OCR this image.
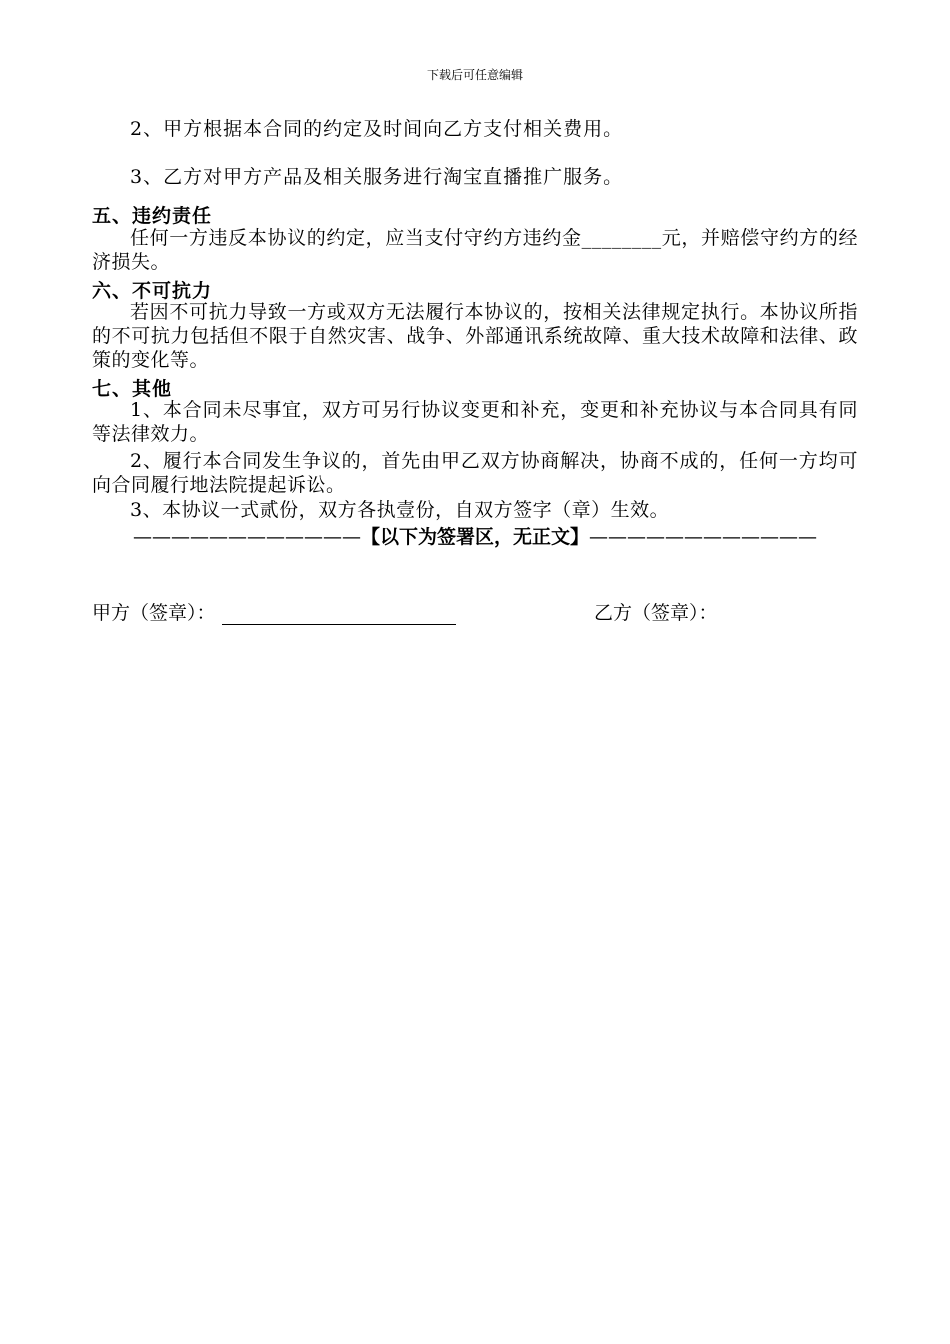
下载后可任意编辑
2、甲方根据本合同的约定及时间向乙方支付相关费用。
3、乙方对甲方产品及相关服务进行淘宝直播推广服务。
五、违约责任
任何一方违反本协议的约定，应当支付守约方违约金________元，并赔偿守约方的经济损失。
六、不可抗力
若因不可抗力导致一方或双方无法履行本协议的，按相关法律规定执行。本协议所指的不可抗力包括但不限于自然灾害、战争、外部通讯系统故障、重大技术故障和法律、政策的变化等。
七、其他
1、本合同未尽事宜，双方可另行协议变更和补充，变更和补充协议与本合同具有同等法律效力。
2、履行本合同发生争议的，首先由甲乙双方协商解决，协商不成的，任何一方均可向合同履行地法院提起诉讼。
3、本协议一式贰份，双方各执壹份，自双方签字（章）生效。
————————————【以下为签署区，无正文】————————————
甲方（签章）：	乙方（签章）：
